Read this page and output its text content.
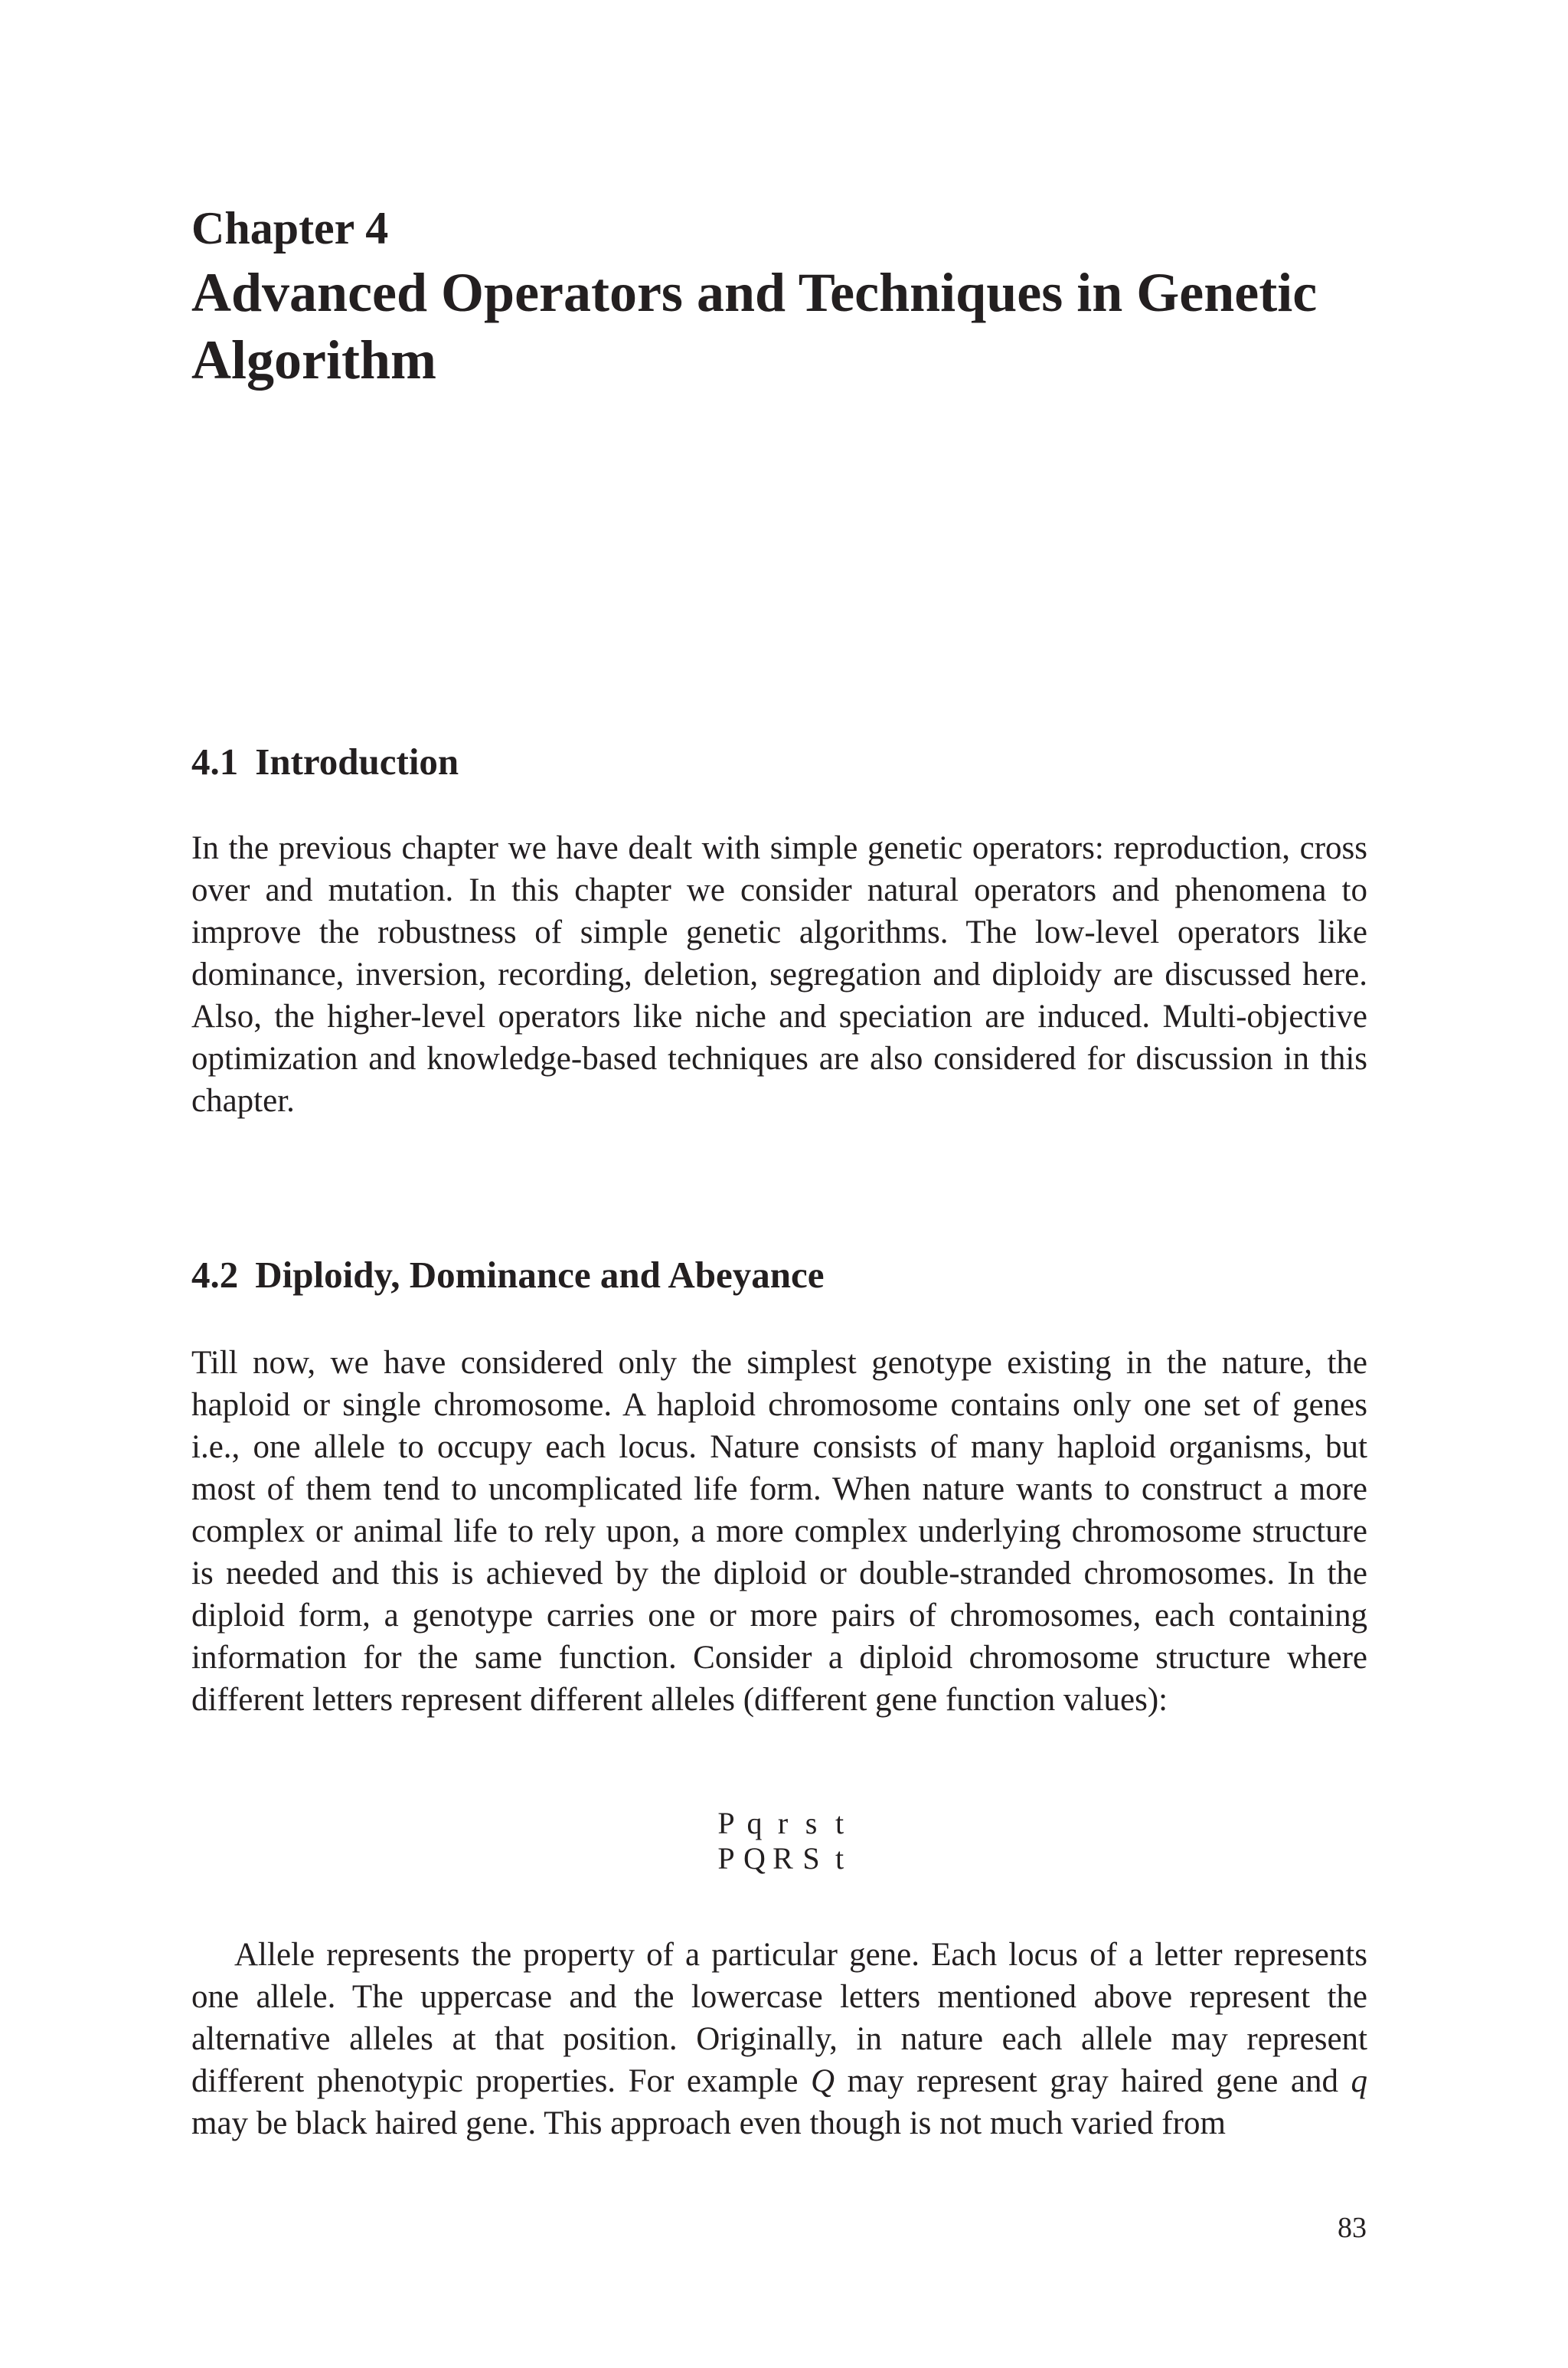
Chapter 4
Advanced Operators and Techniques in Genetic Algorithm
4.1 Introduction

In the previous chapter we have dealt with simple genetic operators: reproduction, cross over and mutation. In this chapter we consider natural operators and phenomena to improve the robustness of simple genetic algorithms. The low-level operators like dominance, inversion, recording, deletion, segregation and diploidy are discussed here. Also, the higher-level operators like niche and speciation are induced. Multi-objective optimization and knowledge-based techniques are also considered for discussion in this chapter.

4.2 Diploidy, Dominance and Abeyance

Till now, we have considered only the simplest genotype existing in the nature, the haploid or single chromosome. A haploid chromosome contains only one set of genes i.e., one allele to occupy each locus. Nature consists of many haploid organisms, but most of them tend to uncomplicated life form. When nature wants to construct a more complex or animal life to rely upon, a more complex underlying chromosome structure is needed and this is achieved by the diploid or double-stranded chromosomes. In the diploid form, a genotype carries one or more pairs of chromosomes, each containing information for the same function. Consider a diploid chromosome structure where different letters represent different alleles (different gene function values):

P q r s t
P Q R S t

Allele represents the property of a particular gene. Each locus of a letter represents one allele. The uppercase and the lowercase letters mentioned above represent the alternative alleles at that position. Originally, in nature each allele may represent different phenotypic properties. For example Q may represent gray haired gene and q may be black haired gene. This approach even though is not much varied from

83
